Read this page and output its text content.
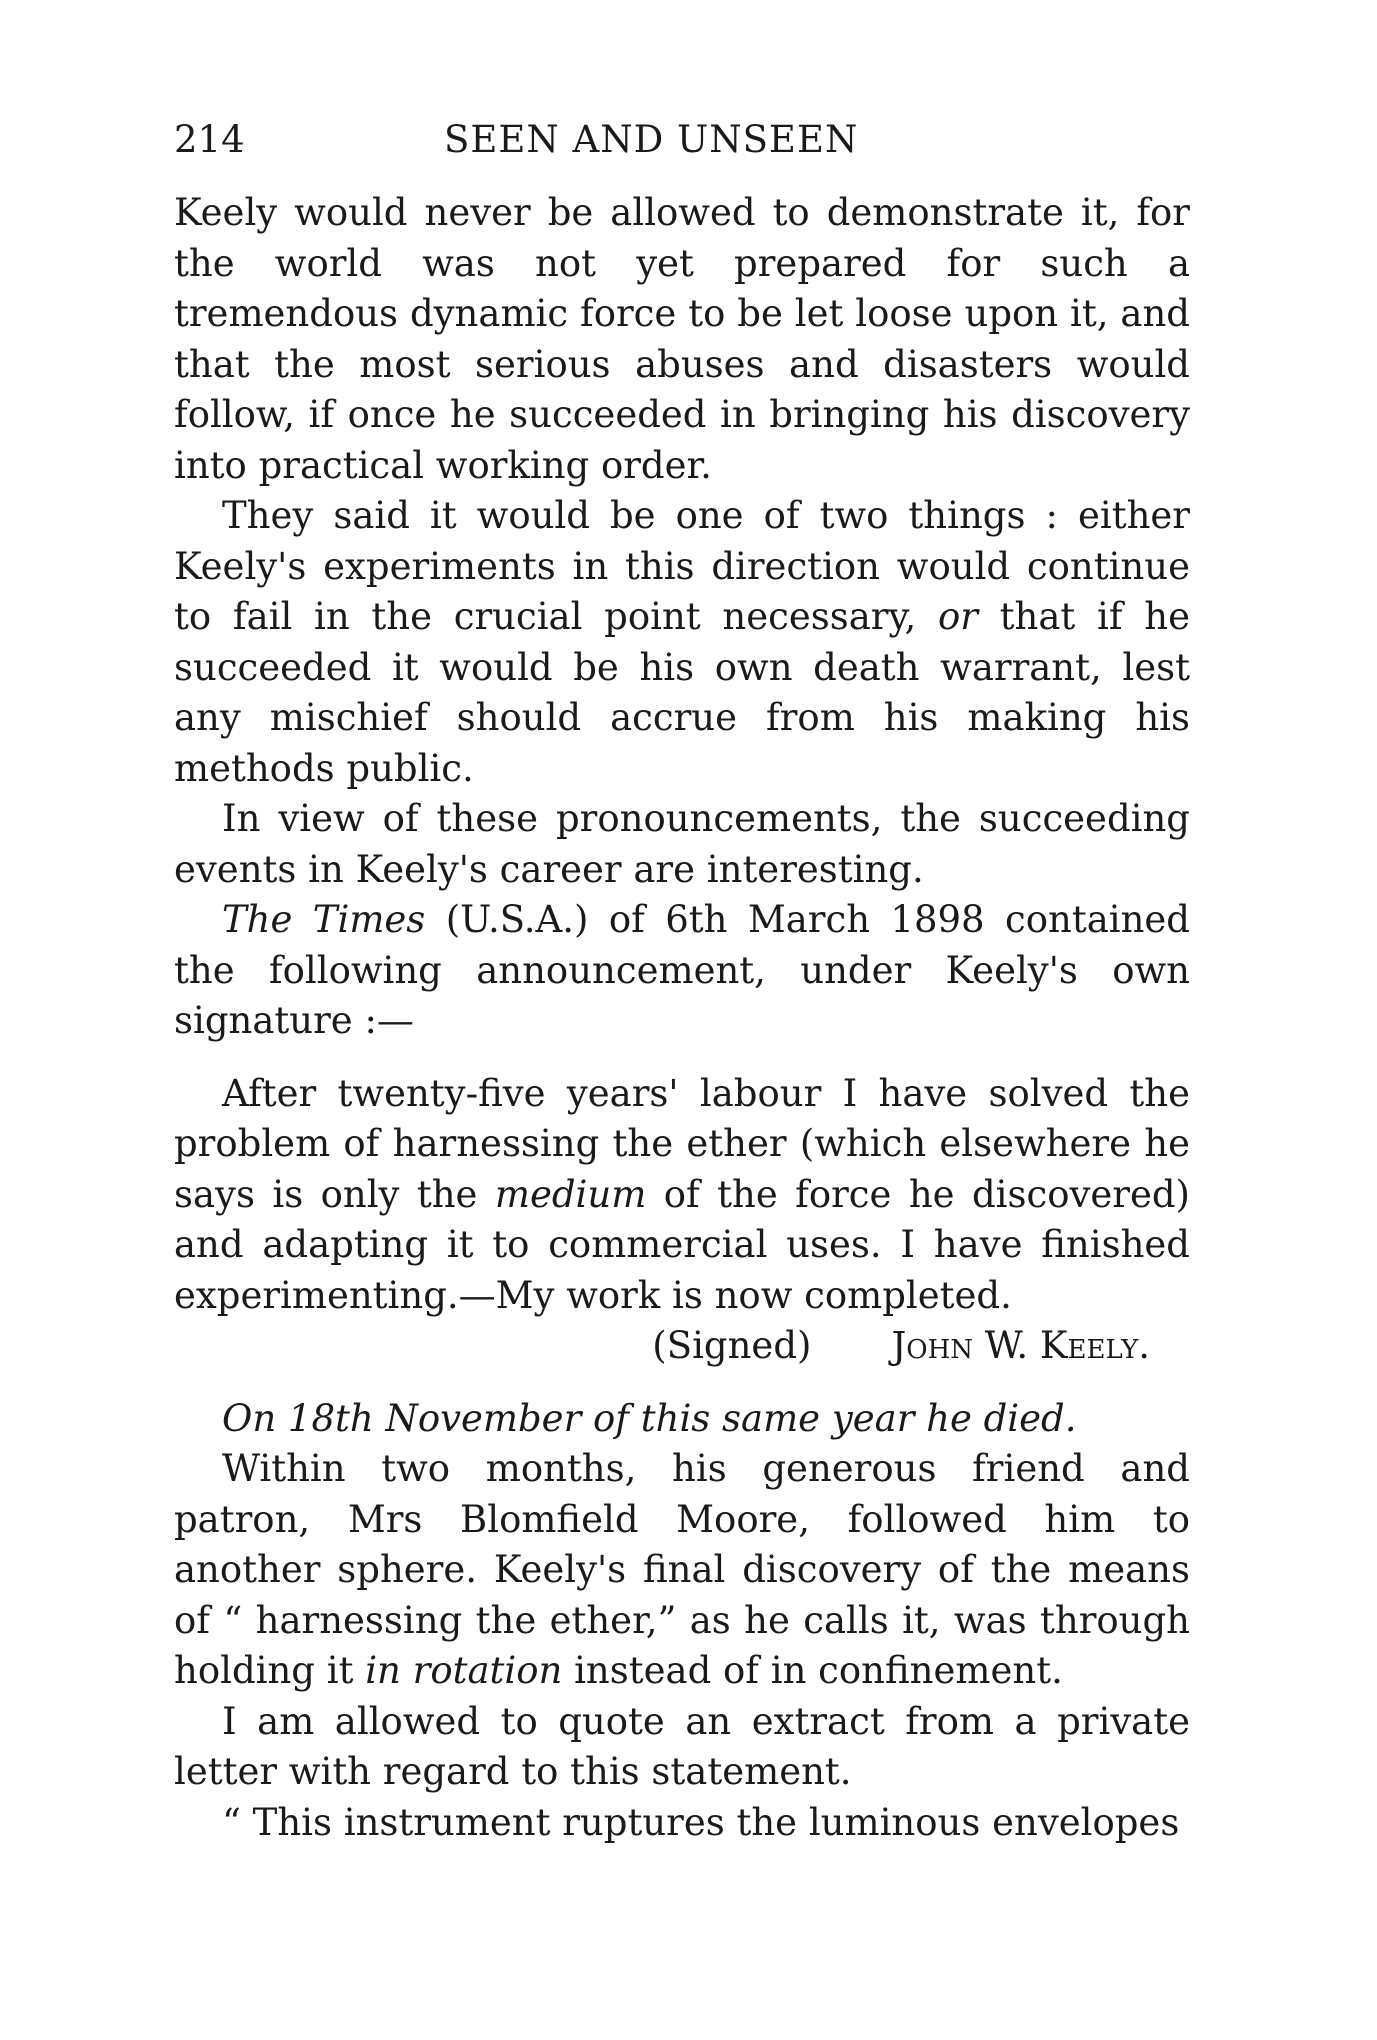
214	SEEN AND UNSEEN

Keely would never be allowed to demonstrate it, for the world was not yet prepared for such a tremendous dynamic force to be let loose upon it, and that the most serious abuses and disasters would follow, if once he succeeded in bringing his discovery into practical working order.

They said it would be one of two things : either Keely's experiments in this direction would continue to fail in the crucial point necessary, or that if he succeeded it would be his own death warrant, lest any mischief should accrue from his making his methods public.

In view of these pronouncements, the succeeding events in Keely's career are interesting.

The Times (U.S.A.) of 6th March 1898 contained the following announcement, under Keely's own signature :—

After twenty-five years' labour I have solved the problem of harnessing the ether (which elsewhere he says is only the medium of the force he discovered) and adapting it to commercial uses. I have finished experimenting.—My work is now completed.

(Signed) John W. Keely.

On 18th November of this same year he died.

Within two months, his generous friend and patron, Mrs Blomfield Moore, followed him to another sphere. Keely's final discovery of the means of “ harnessing the ether,” as he calls it, was through holding it in rotation instead of in confinement.

I am allowed to quote an extract from a private letter with regard to this statement.

“ This instrument ruptures the luminous envelopes
